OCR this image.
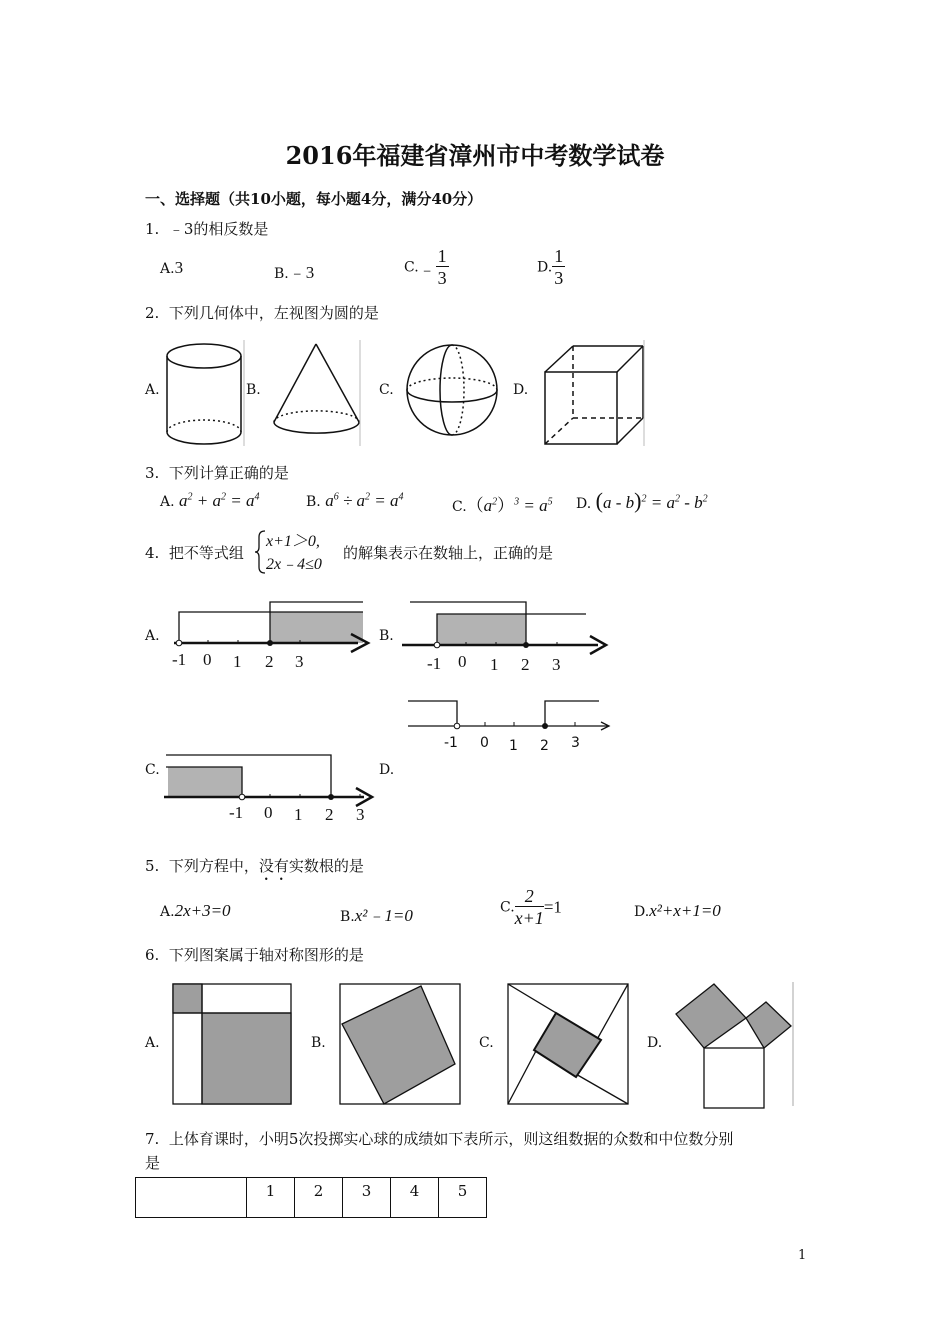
2016年福建省漳州市中考数学试卷
一、选择题（共10小题，每小题4分，满分40分）
1. ﹣3的相反数是
A.3	B.﹣3	C.﹣ $\frac{1}{3}$	D. $\frac{1}{3}$
2. 下列几何体中，左视图为圆的是
A.	B.	C.	D.
3. 下列计算正确的是
A. $a^2 + a^2 = a^4$	B. $a^6 \div a^2 = a^4$
$C.(a^2)^3 = a^5$ D. $(a - b)^2 = a^2 - b^2$
4. 把不等式组
x+1＞0,
2x﹣4≤0
的解集表示在数轴上，正确的是
A.	B.
C.	D.
-1 0 1 2 3	-1 0 1 2 3
-1 0 1 2 3
-1 0 1 2 3
5. 下列方程中，没有实数根的是
A.2x+3=0	B.x²﹣1=0	C. $\frac{2}{x+1} =1$	D.x²+x+1=0
6. 下列图案属于轴对称图形的是
A.	B.	C.	D.
7. 上体育课时，小明5次投掷实心球的成绩如下表所示，则这组数据的众数和中位数分别
是
	1	2	3	4	5
1
